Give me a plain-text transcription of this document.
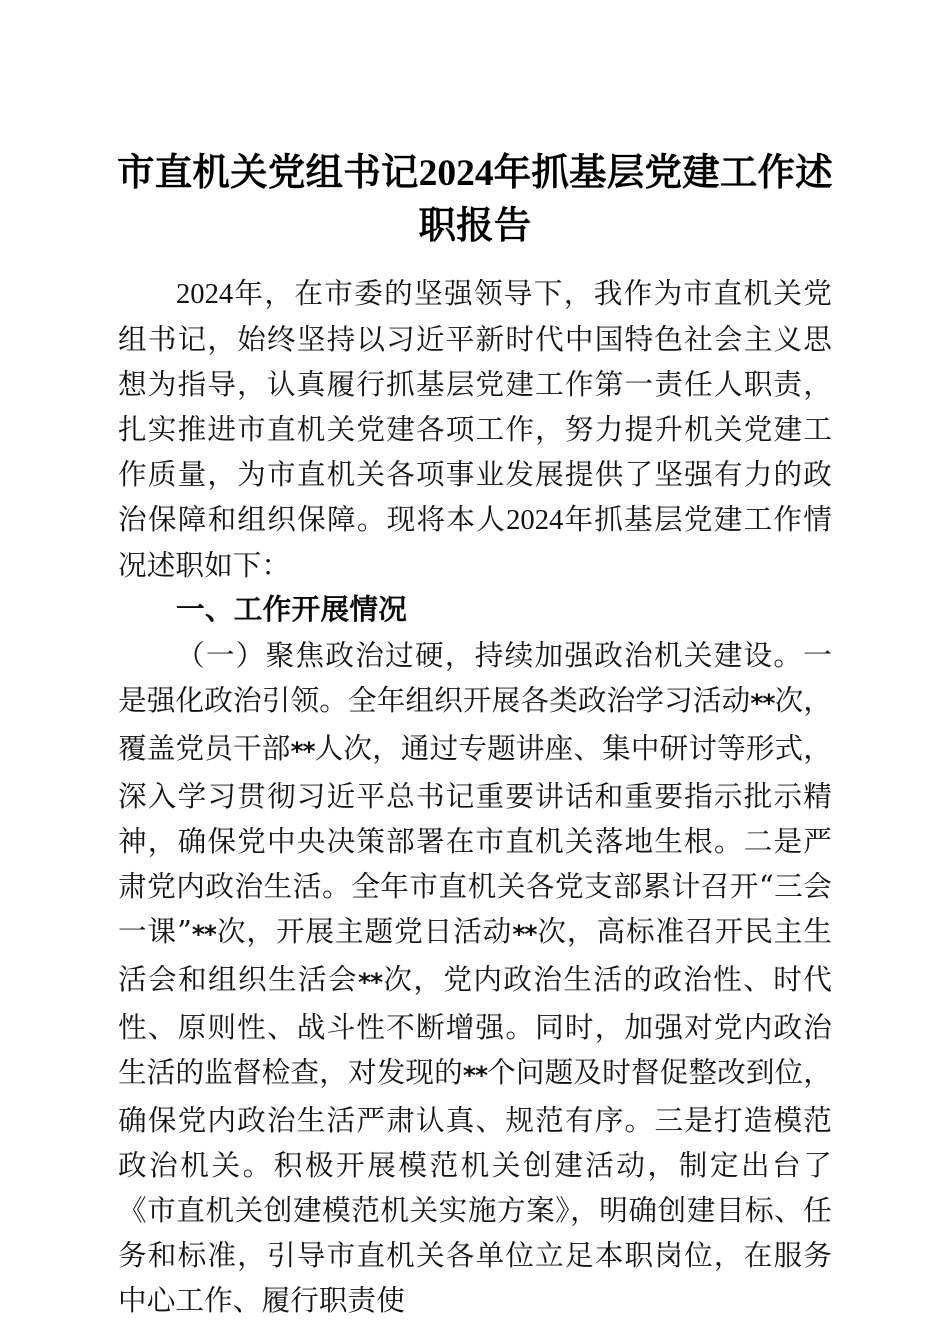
市直机关党组书记2024年抓基层党建工作述
职报告

2024年，在市委的坚强领导下，我作为市直机关党组书记，始终坚持以习近平新时代中国特色社会主义思想为指导，认真履行抓基层党建工作第一责任人职责，扎实推进市直机关党建各项工作，努力提升机关党建工作质量，为市直机关各项事业发展提供了坚强有力的政治保障和组织保障。现将本人2024年抓基层党建工作情况述职如下：

一、工作开展情况

（一）聚焦政治过硬，持续加强政治机关建设。一是强化政治引领。全年组织开展各类政治学习活动**次，覆盖党员干部**人次，通过专题讲座、集中研讨等形式，深入学习贯彻习近平总书记重要讲话和重要指示批示精神，确保党中央决策部署在市直机关落地生根。二是严肃党内政治生活。全年市直机关各党支部累计召开“三会一课”**次，开展主题党日活动**次，高标准召开民主生活会和组织生活会**次，党内政治生活的政治性、时代性、原则性、战斗性不断增强。同时，加强对党内政治生活的监督检查，对发现的**个问题及时督促整改到位，确保党内政治生活严肃认真、规范有序。三是打造模范政治机关。积极开展模范机关创建活动，制定出台了《市直机关创建模范机关实施方案》，明确创建目标、任务和标准，引导市直机关各单位立足本职岗位，在服务中心工作、履行职责使
